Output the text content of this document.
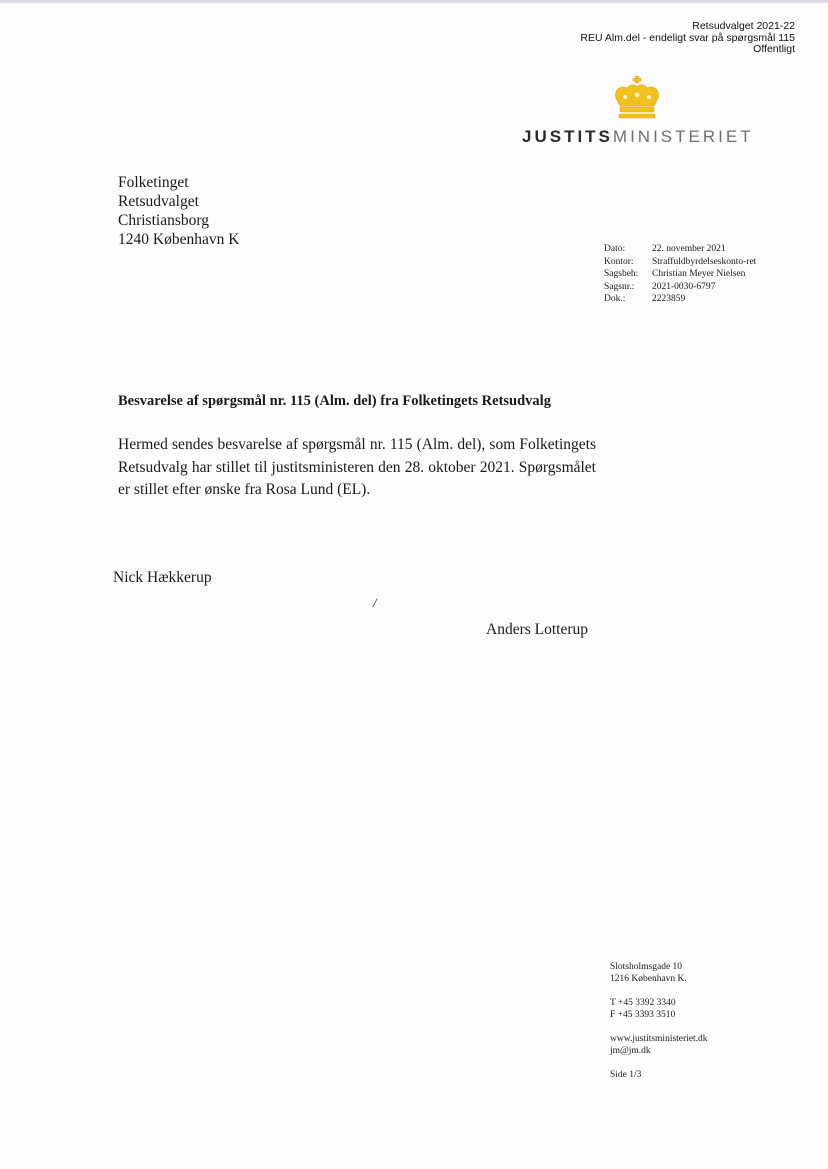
Retsudvalget 2021-22
REU Alm.del - endeligt svar på spørgsmål 115
Offentligt
JUSTITSMINISTERIET
Folketinget
Retsudvalget
Christiansborg
1240 København K
Dato:	22. november 2021
Kontor:	Straffuldbyrdelseskonto-ret
Sagsbeh:	Christian Meyer Nielsen
Sagsnr.:	2021-0030-6797
Dok.:	2223859
Besvarelse af spørgsmål nr. 115 (Alm. del) fra Folketingets Retsudvalg
Hermed sendes besvarelse af spørgsmål nr. 115 (Alm. del), som Folketingets Retsudvalg har stillet til justitsministeren den 28. oktober 2021. Spørgsmålet er stillet efter ønske fra Rosa Lund (EL).
Nick Hækkerup
/
Anders Lotterup
Slotsholmsgade 10
1216 København K.
T +45 3392 3340
F +45 3393 3510
www.justitsministeriet.dk
jm@jm.dk
Side 1/3
